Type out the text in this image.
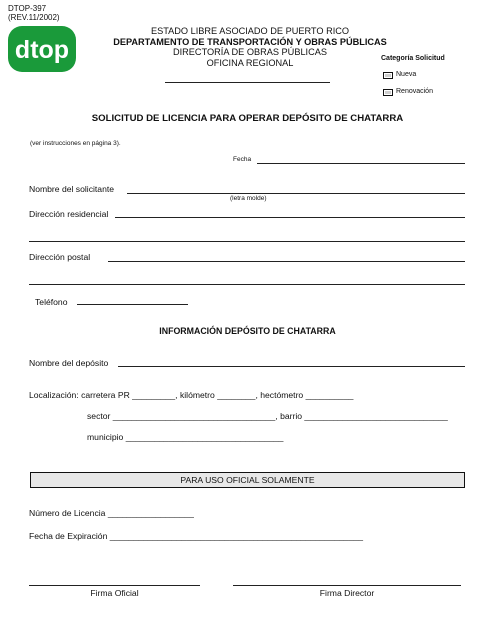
DTOP-397
(REV.11/2002)
dtop
ESTADO LIBRE ASOCIADO DE PUERTO RICO
DEPARTAMENTO DE TRANSPORTACIÓN Y OBRAS PÚBLICAS
DIRECTORÍA DE OBRAS PÚBLICAS
OFICINA REGIONAL	Categoría Solicitud
Nueva
Renovación
SOLICITUD DE LICENCIA PARA OPERAR DEPÓSITO DE CHATARRA
(ver instrucciones en página 3).
Fecha
Nombre del solicitante
(letra molde)
Dirección residencial
Dirección postal
Teléfono
INFORMACIÓN DEPÓSITO DE CHATARRA
Nombre del depósito
Localización: carretera PR _________, kilómetro ________, hectómetro __________
sector __________________________________, barrio ______________________________
municipio _________________________________
PARA USO OFICIAL SOLAMENTE
Número de Licencia __________________
Fecha de Expiración _____________________________________________________
Firma Oficial	Firma Director
